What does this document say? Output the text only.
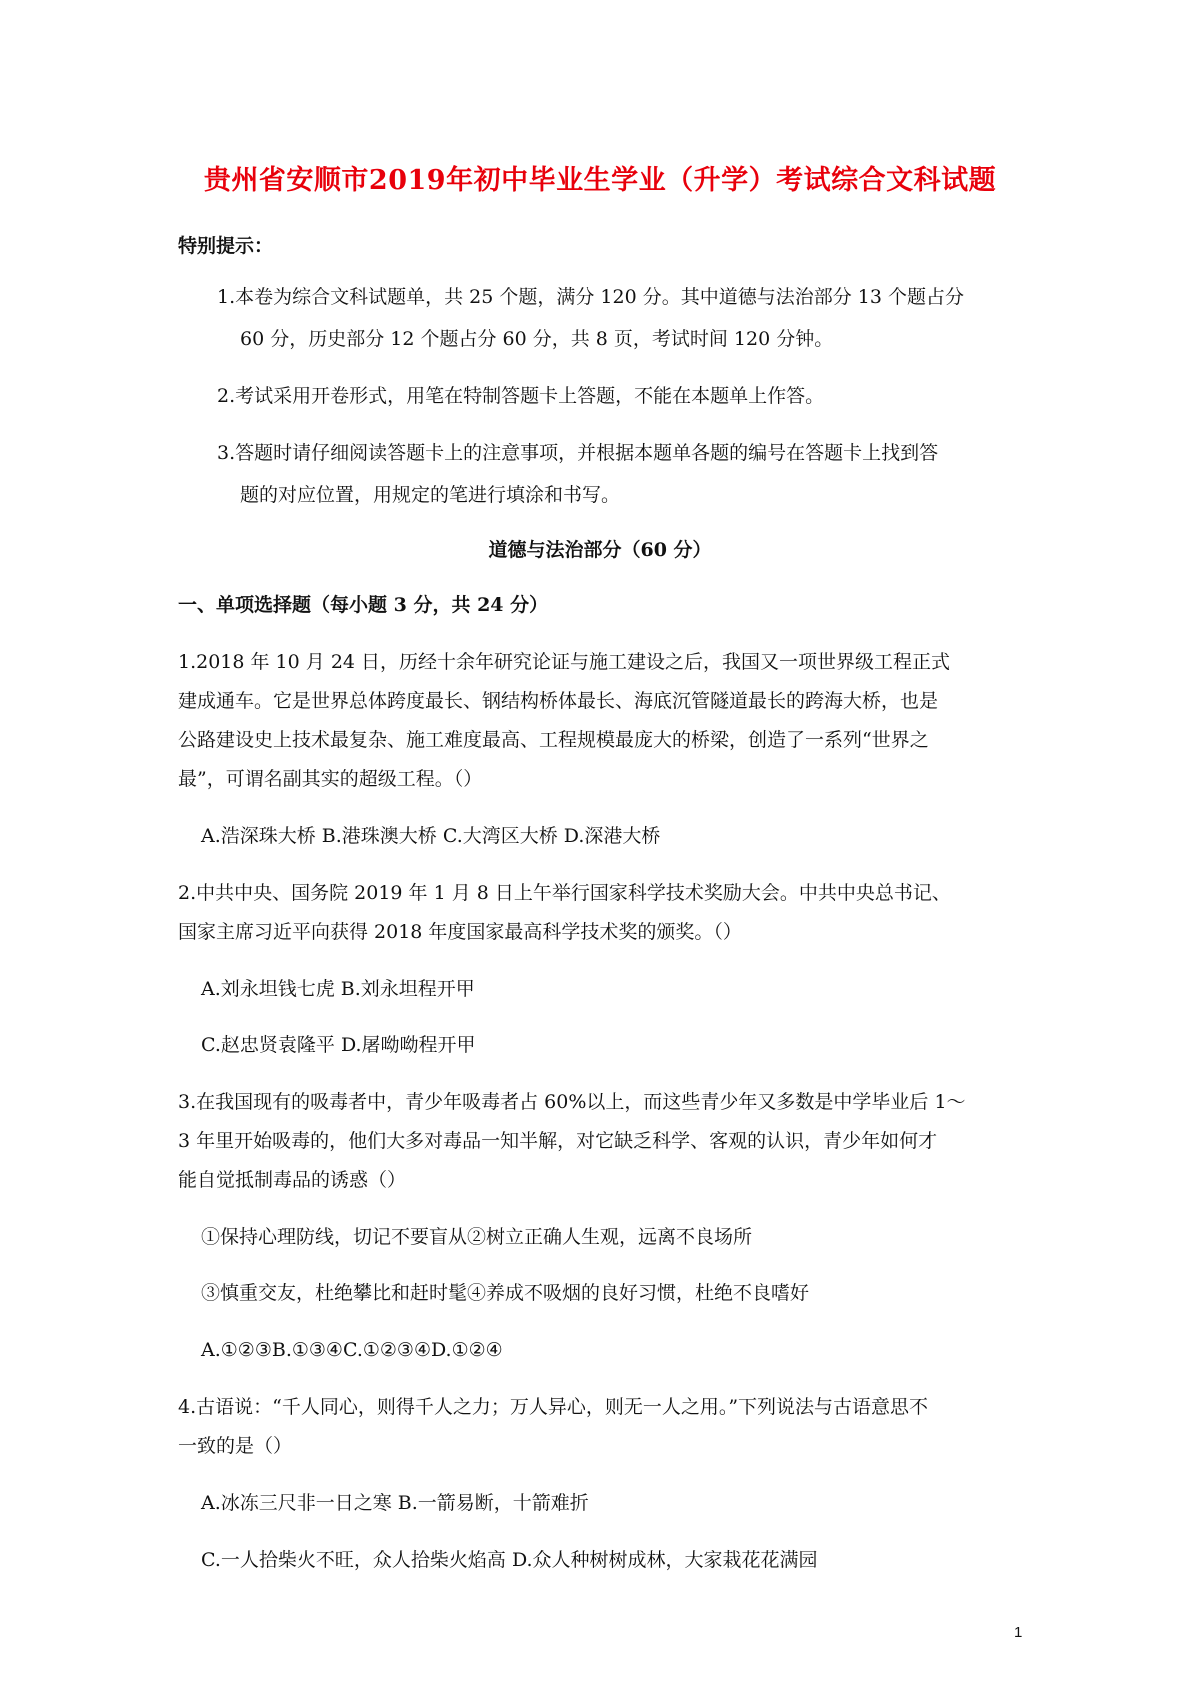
贵州省安顺市2019年初中毕业生学业（升学）考试综合文科试题
特别提示：
1.本卷为综合文科试题单，共 25 个题，满分 120 分。其中道德与法治部分 13 个题占分
60 分，历史部分 12 个题占分 60 分，共 8 页，考试时间 120 分钟。
2.考试采用开卷形式，用笔在特制答题卡上答题，不能在本题单上作答。
3.答题时请仔细阅读答题卡上的注意事项，并根据本题单各题的编号在答题卡上找到答
题的对应位置，用规定的笔进行填涂和书写。
道德与法治部分（60 分）
一、单项选择题（每小题 3 分，共 24 分）
1.2018 年 10 月 24 日，历经十余年研究论证与施工建设之后，我国又一项世界级工程正式
建成通车。它是世界总体跨度最长、钢结构桥体最长、海底沉管隧道最长的跨海大桥，也是
公路建设史上技术最复杂、施工难度最高、工程规模最庞大的桥梁，创造了一系列“世界之
最”，可谓名副其实的超级工程。（）
A.浩深珠大桥 B.港珠澳大桥 C.大湾区大桥 D.深港大桥
2.中共中央、国务院 2019 年 1 月 8 日上午举行国家科学技术奖励大会。中共中央总书记、
国家主席习近平向获得 2018 年度国家最高科学技术奖的颁奖。（）
A.刘永坦钱七虎 B.刘永坦程开甲
C.赵忠贤袁隆平 D.屠呦呦程开甲
3.在我国现有的吸毒者中，青少年吸毒者占 60%以上，而这些青少年又多数是中学毕业后 1～
3 年里开始吸毒的，他们大多对毒品一知半解，对它缺乏科学、客观的认识，青少年如何才
能自觉抵制毒品的诱惑（）
①保持心理防线，切记不要盲从②树立正确人生观，远离不良场所
③慎重交友，杜绝攀比和赶时髦④养成不吸烟的良好习惯，杜绝不良嗜好
A.①②③B.①③④C.①②③④D.①②④
4.古语说：“千人同心，则得千人之力；万人异心，则无一人之用。”下列说法与古语意思不
一致的是（）
A.冰冻三尺非一日之寒 B.一箭易断，十箭难折
C.一人拾柴火不旺，众人拾柴火焰高 D.众人种树树成林，大家栽花花满园
1
